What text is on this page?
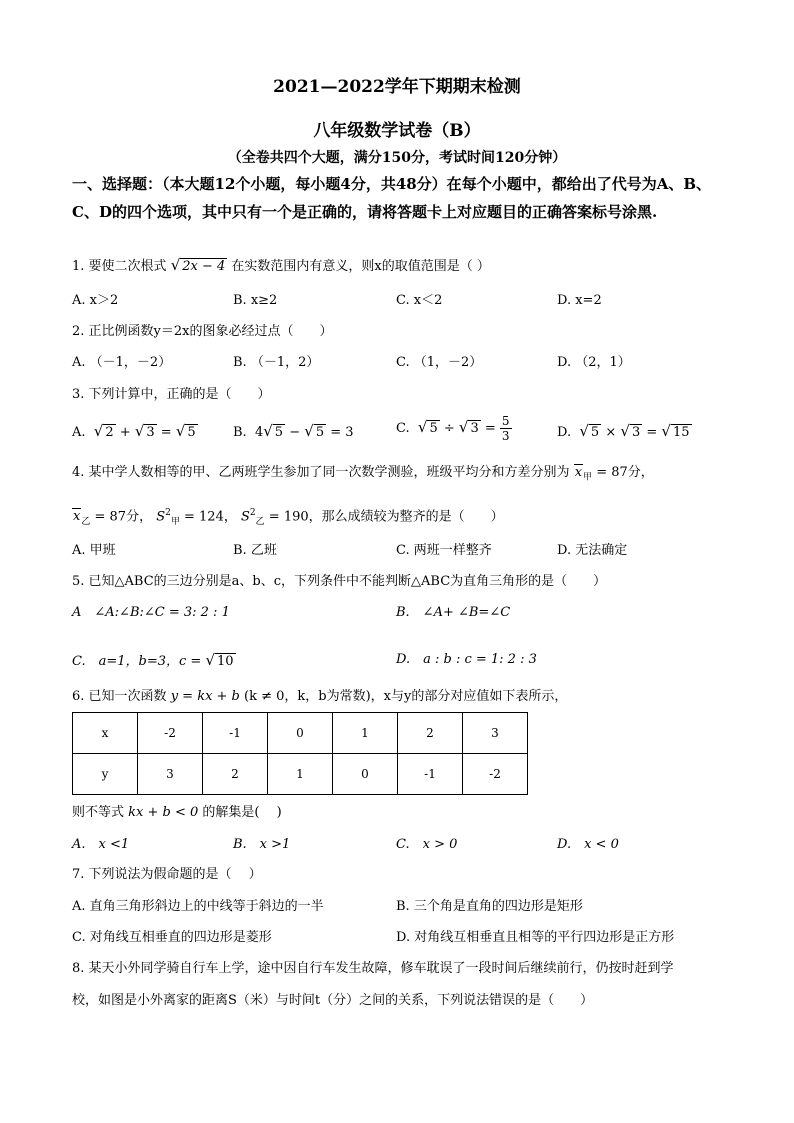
2021—2022学年下期期末检测
八年级数学试卷（B）
（全卷共四个大题，满分150分，考试时间120分钟）
一、选择题：（本大题12个小题，每小题4分，共48分）在每个小题中，都给出了代号为A、B、C、D的四个选项，其中只有一个是正确的，请将答题卡上对应题目的正确答案标号涂黑.
1. 要使二次根式 √ 2x − 4 在实数范围内有意义，则x的取值范围是（ ）
A. x＞2	B. x≥2	C. x＜2	D. x=2
2. 正比例函数y＝2x的图象必经过点（　　）
A. （－1，－2）	B. （－1，2）	C. （1，－2）	D. （2，1）
3. 下列计算中，正确的是（　　）
A. √ 2 + √ 3 = √ 5	B. 4√ 5 − √ 5 = 3	C. √ 5 ÷ √ $3 = \frac{5}{3}$	D. √ 5 × √ 3 = √ 15
4. 某中学人数相等的甲、乙两班学生参加了同一次数学测验，班级平均分和方差分别为 $x_甲 = 87$分，
$x_乙 = 87$分， $S^2_甲 = 124$， $S^2_乙 = 190$，那么成绩较为整齐的是（　　）
A. 甲班	B. 乙班	C. 两班一样整齐	D. 无法确定
5. 已知△ABC的三边分别是a、b、c，下列条件中不能判断△ABC为直角三角形的是（　　）
A　∠A:∠B:∠C = 3: 2 : 1	B.　∠A+ ∠B=∠C
C.　a=1，b=3，c = √ 10	D.　a : b : c = 1: 2 : 3
6. 已知一次函数 y = kx + b (k ≠ 0，k，b为常数)，x与y的部分对应值如下表所示，
x	-2	-1	0	1	2	3
y	3	2	1	0	-1	-2
则不等式 kx + b < 0 的解集是(　 )
A.　x <1	B.　x >1	C.　x > 0	D.　x < 0
7. 下列说法为假命题的是（　 ）
A. 直角三角形斜边上的中线等于斜边的一半	B. 三个角是直角的四边形是矩形
C. 对角线互相垂直的四边形是菱形	D. 对角线互相垂直且相等的平行四边形是正方形
8. 某天小外同学骑自行车上学，途中因自行车发生故障，修车耽误了一段时间后继续前行，仍按时赶到学
校，如图是小外离家的距离S（米）与时间t（分）之间的关系，下列说法错误的是（　　）
